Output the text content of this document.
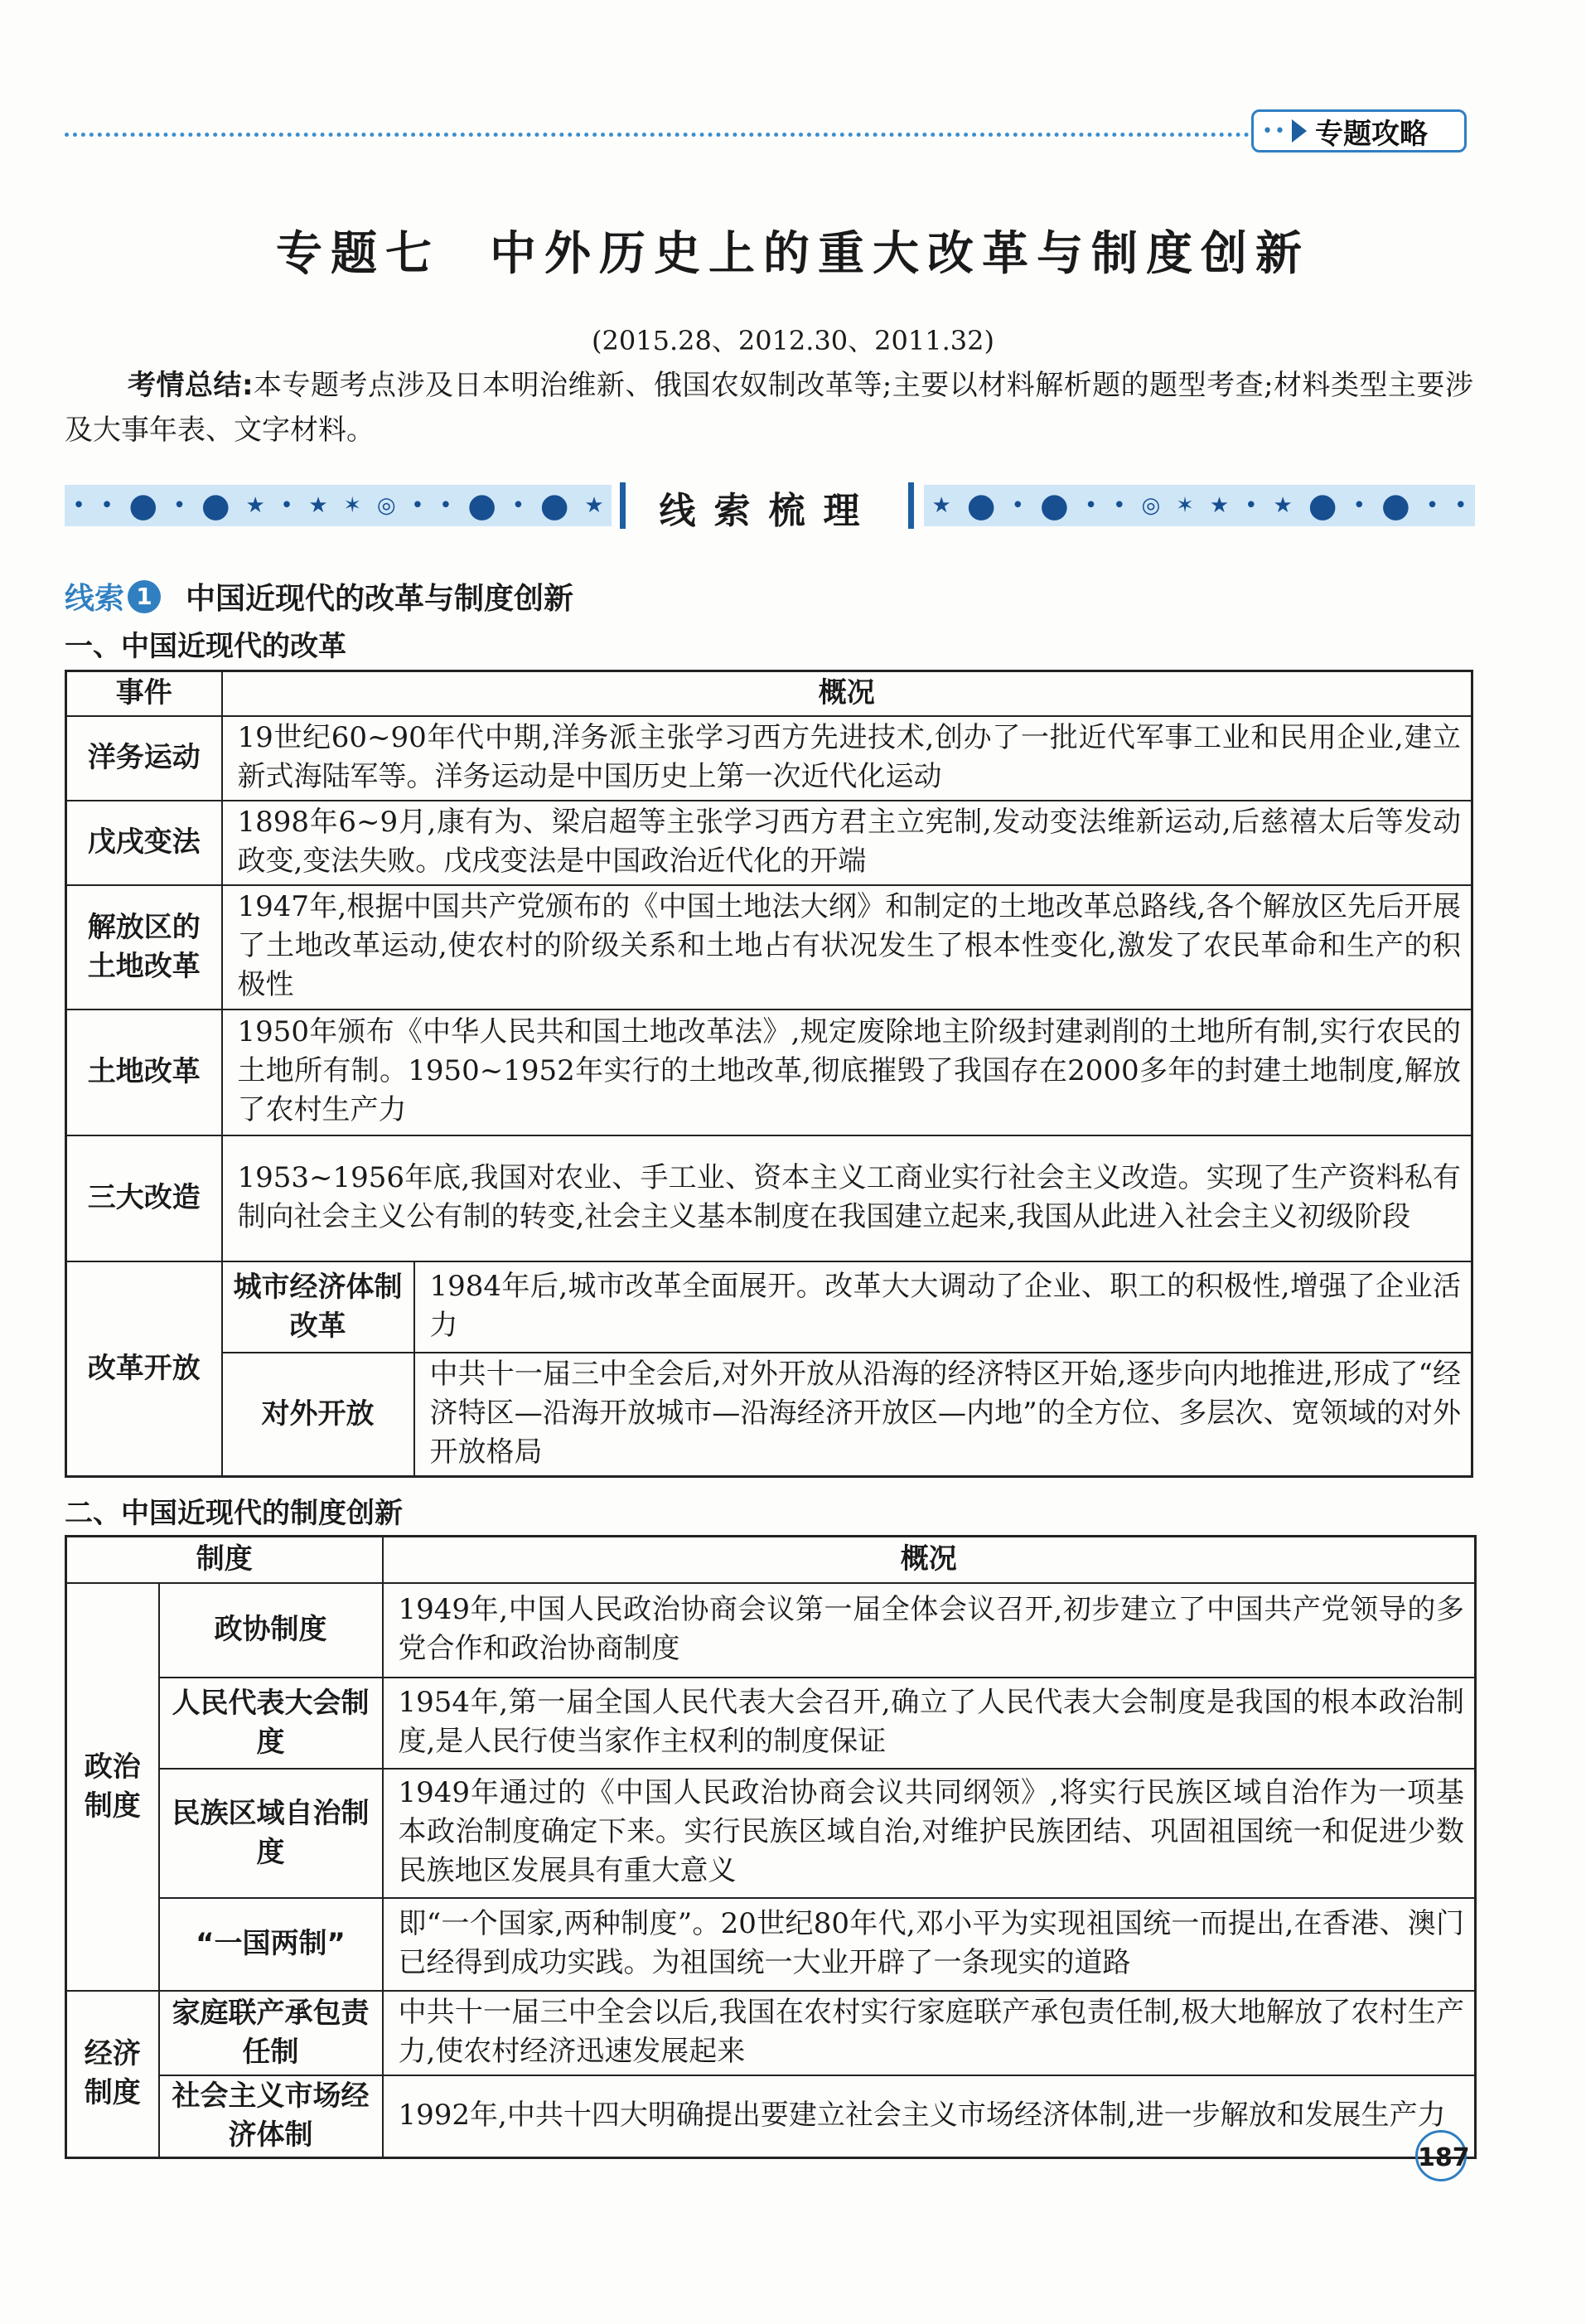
•• 专题攻略
专题七 中外历史上的重大改革与制度创新
(2015.28、2012.30、2011.32)
考情总结:本专题考点涉及日本明治维新、俄国农奴制改革等;主要以材料解析题的题型考查;材料类型主要涉及大事年表、文字材料。
• • ● • ● ★ • ★ ✶ ◎ • • ● • ● ★	线索梳理	★ ● • ● • • ◎ ✶ ★ • ★ ● • ● • •
线索 1 中国近现代的改革与制度创新
一、中国近现代的改革
事件	概况	
洋务运动	19世纪60~90年代中期,洋务派主张学习西方先进技术,创办了一批近代军事工业和民用企业,建立新式海陆军等。洋务运动是中国历史上第一次近代化运动	
戊戌变法	1898年6~9月,康有为、梁启超等主张学习西方君主立宪制,发动变法维新运动,后慈禧太后等发动政变,变法失败。戊戌变法是中国政治近代化的开端	
解放区的土地改革	1947年,根据中国共产党颁布的《中国土地法大纲》和制定的土地改革总路线,各个解放区先后开展了土地改革运动,使农村的阶级关系和土地占有状况发生了根本性变化,激发了农民革命和生产的积极性	
土地改革	1950年颁布《中华人民共和国土地改革法》,规定废除地主阶级封建剥削的土地所有制,实行农民的土地所有制。1950~1952年实行的土地改革,彻底摧毁了我国存在2000多年的封建土地制度,解放了农村生产力	
三大改造	1953~1956年底,我国对农业、手工业、资本主义工商业实行社会主义改造。实现了生产资料私有制向社会主义公有制的转变,社会主义基本制度在我国建立起来,我国从此进入社会主义初级阶段	
改革开放	城市经济体制改革	1984年后,城市改革全面展开。改革大大调动了企业、职工的积极性,增强了企业活力
	对外开放	中共十一届三中全会后,对外开放从沿海的经济特区开始,逐步向内地推进,形成了“经济特区—沿海开放城市—沿海经济开放区—内地”的全方位、多层次、宽领域的对外开放格局
二、中国近现代的制度创新
制度		概况
政治制度	政协制度	1949年,中国人民政治协商会议第一届全体会议召开,初步建立了中国共产党领导的多党合作和政治协商制度
	人民代表大会制度	1954年,第一届全国人民代表大会召开,确立了人民代表大会制度是我国的根本政治制度,是人民行使当家作主权利的制度保证
	民族区域自治制度	1949年通过的《中国人民政治协商会议共同纲领》,将实行民族区域自治作为一项基本政治制度确定下来。实行民族区域自治,对维护民族团结、巩固祖国统一和促进少数民族地区发展具有重大意义
	“一国两制”	即“一个国家,两种制度”。20世纪80年代,邓小平为实现祖国统一而提出,在香港、澳门已经得到成功实践。为祖国统一大业开辟了一条现实的道路
经济制度	家庭联产承包责任制	中共十一届三中全会以后,我国在农村实行家庭联产承包责任制,极大地解放了农村生产力,使农村经济迅速发展起来
	社会主义市场经济体制	1992年,中共十四大明确提出要建立社会主义市场经济体制,进一步解放和发展生产力
187
